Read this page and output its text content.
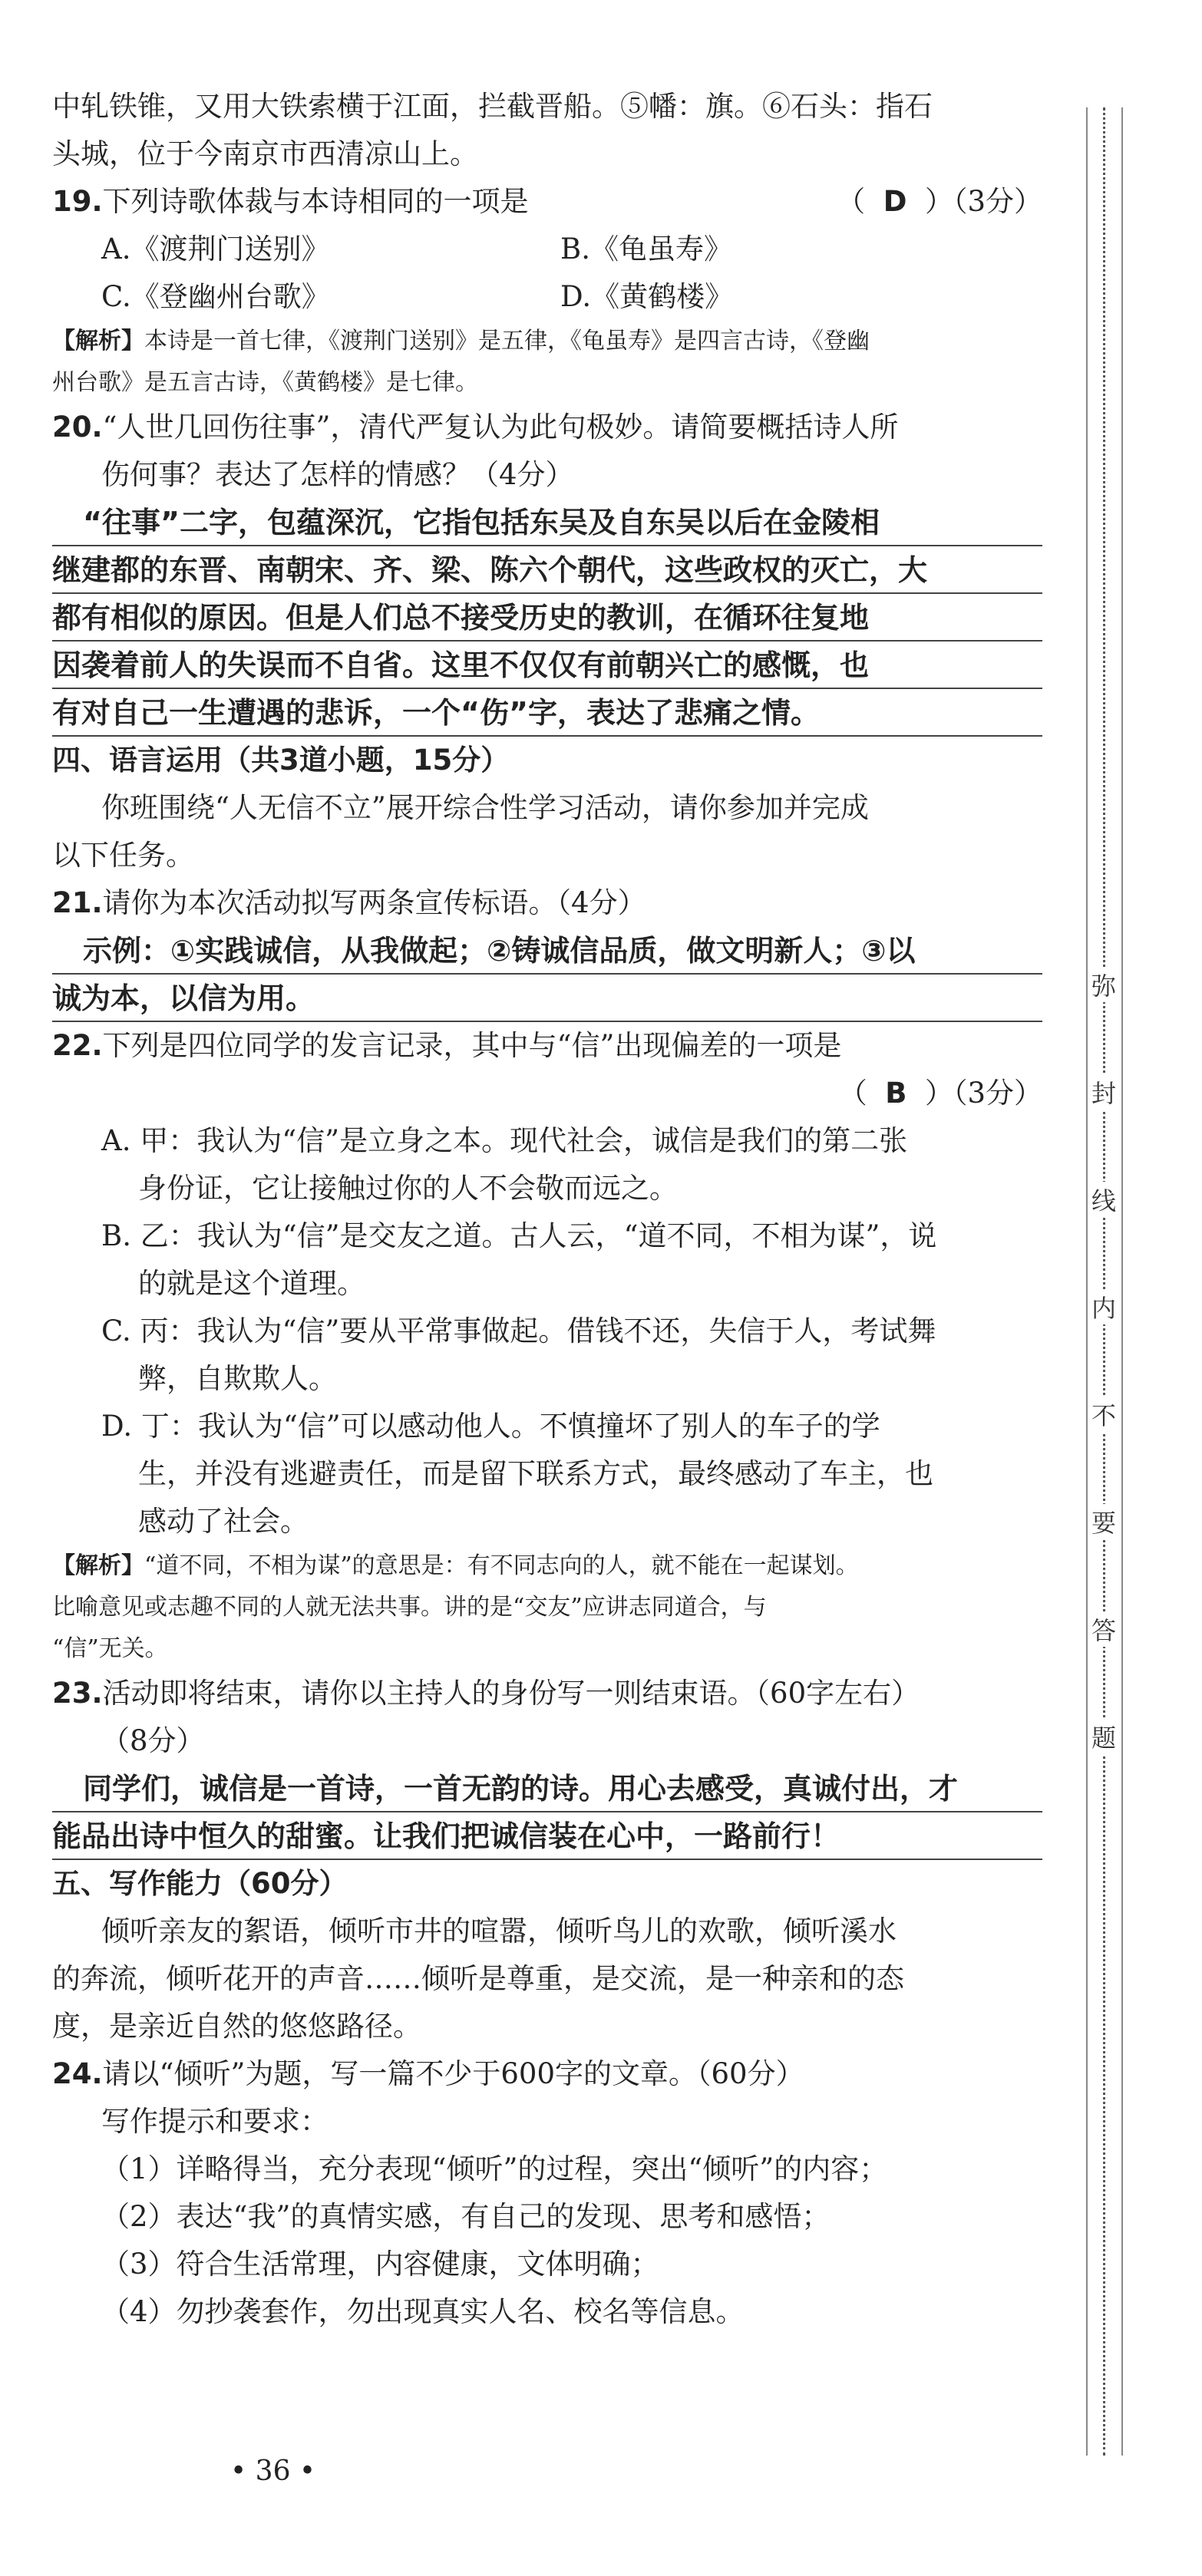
中轧铁锥，又用大铁索横于江面，拦截晋船。⑤幡：旗。⑥石头：指石
头城，位于今南京市西清凉山上。
19.下列诗歌体裁与本诗相同的一项是	（ D ）（3分）
A.《渡荆门送别》	B.《龟虽寿》
C.《登幽州台歌》	D.《黄鹤楼》
【解析】本诗是一首七律，《渡荆门送别》是五律，《龟虽寿》是四言古诗，《登幽
州台歌》是五言古诗，《黄鹤楼》是七律。
20.“人世几回伤往事”，清代严复认为此句极妙。请简要概括诗人所
伤何事？表达了怎样的情感？（4分）
“往事”二字，包蕴深沉，它指包括东吴及自东吴以后在金陵相
继建都的东晋、南朝宋、齐、梁、陈六个朝代，这些政权的灭亡，大
都有相似的原因。但是人们总不接受历史的教训，在循环往复地
因袭着前人的失误而不自省。这里不仅仅有前朝兴亡的感慨，也
有对自己一生遭遇的悲诉，一个“伤”字，表达了悲痛之情。
四、语言运用（共3道小题，15分）
你班围绕“人无信不立”展开综合性学习活动，请你参加并完成
以下任务。
21.请你为本次活动拟写两条宣传标语。（4分）
示例：①实践诚信，从我做起；②铸诚信品质，做文明新人；③以
诚为本，以信为用。
22.下列是四位同学的发言记录，其中与“信”出现偏差的一项是
（ B ）（3分）
A. 甲：我认为“信”是立身之本。现代社会，诚信是我们的第二张
身份证，它让接触过你的人不会敬而远之。
B. 乙：我认为“信”是交友之道。古人云，“道不同，不相为谋”，说
的就是这个道理。
C. 丙：我认为“信”要从平常事做起。借钱不还，失信于人，考试舞
弊，自欺欺人。
D. 丁：我认为“信”可以感动他人。不慎撞坏了别人的车子的学
生，并没有逃避责任，而是留下联系方式，最终感动了车主，也
感动了社会。
【解析】“道不同，不相为谋”的意思是：有不同志向的人，就不能在一起谋划。
比喻意见或志趣不同的人就无法共事。讲的是“交友”应讲志同道合，与
“信”无关。
23.活动即将结束，请你以主持人的身份写一则结束语。（60字左右）
（8分）
同学们，诚信是一首诗，一首无韵的诗。用心去感受，真诚付出，才
能品出诗中恒久的甜蜜。让我们把诚信装在心中，一路前行！
五、写作能力（60分）
倾听亲友的絮语，倾听市井的喧嚣，倾听鸟儿的欢歌，倾听溪水
的奔流，倾听花开的声音……倾听是尊重，是交流，是一种亲和的态
度，是亲近自然的悠悠路径。
24.请以“倾听”为题，写一篇不少于600字的文章。（60分）
写作提示和要求：
（1）详略得当，充分表现“倾听”的过程，突出“倾听”的内容；
（2）表达“我”的真情实感，有自己的发现、思考和感悟；
（3）符合生活常理，内容健康，文体明确；
（4）勿抄袭套作，勿出现真实人名、校名等信息。
弥
封
线
内
不
要
答
题
• 36 •
